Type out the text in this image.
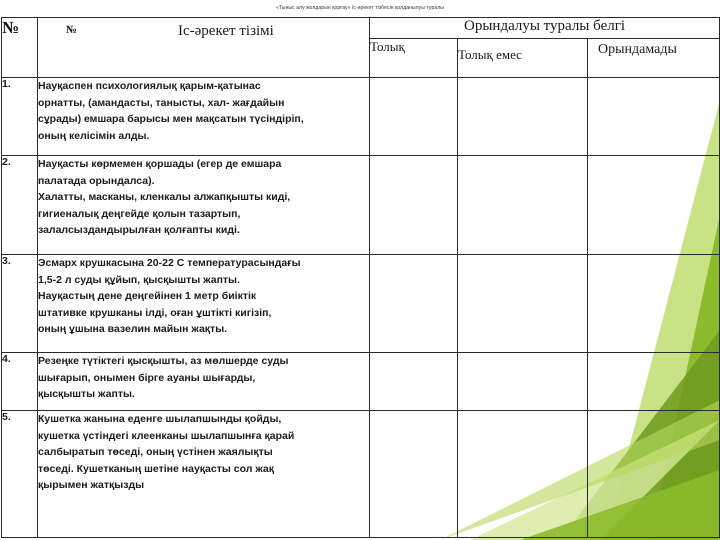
«Тыныс алу жолдарын қорғау» іс-әрекет тізбесін қолданылуы туралы
№	№ Іс-әрекет тізімі	Орындалуы туралы белгі		
		Толық	Толық емес	Орындамады
1.	Науқаспен психологиялық қарым-қатынас
орнатты, (амандасты, танысты, хал- жағдайын
сұрады) емшара барысы мен мақсатын түсіндіріп,
оның келісімін алды.			

2.	Науқасты көрмемен қоршады (егер де емшара
палатада орындалса).
Халатты, масканы, кленкалы алжапқышты киді,
гигиеналық деңгейде қолын тазартып,
залалсыздандырылған қолғапты киді.			

3.	Эсмарх крушкасына 20-22 С температурасындағы
1,5-2 л суды құйып, қысқышты жапты.
Науқастың дене деңгейінен 1 метр биіктік
штативке крушканы ілді, оған ұштікті кигізіп,
оның ұшына вазелин майын жақты.			

4.	Резеңке түтіктегі қысқышты, аз мөлшерде суды
шығарып, онымен бірге ауаны шығарды,
қысқышты жапты.			

5.	Кушетка жанына еденге шылапшынды қойды,
кушетка үстіндегі клеенканы шылапшынға қарай
салбыратып төседі, оның үстінен жаялықты
төседі. Кушетканың шетіне науқасты сол жақ
қырымен жатқызды			
